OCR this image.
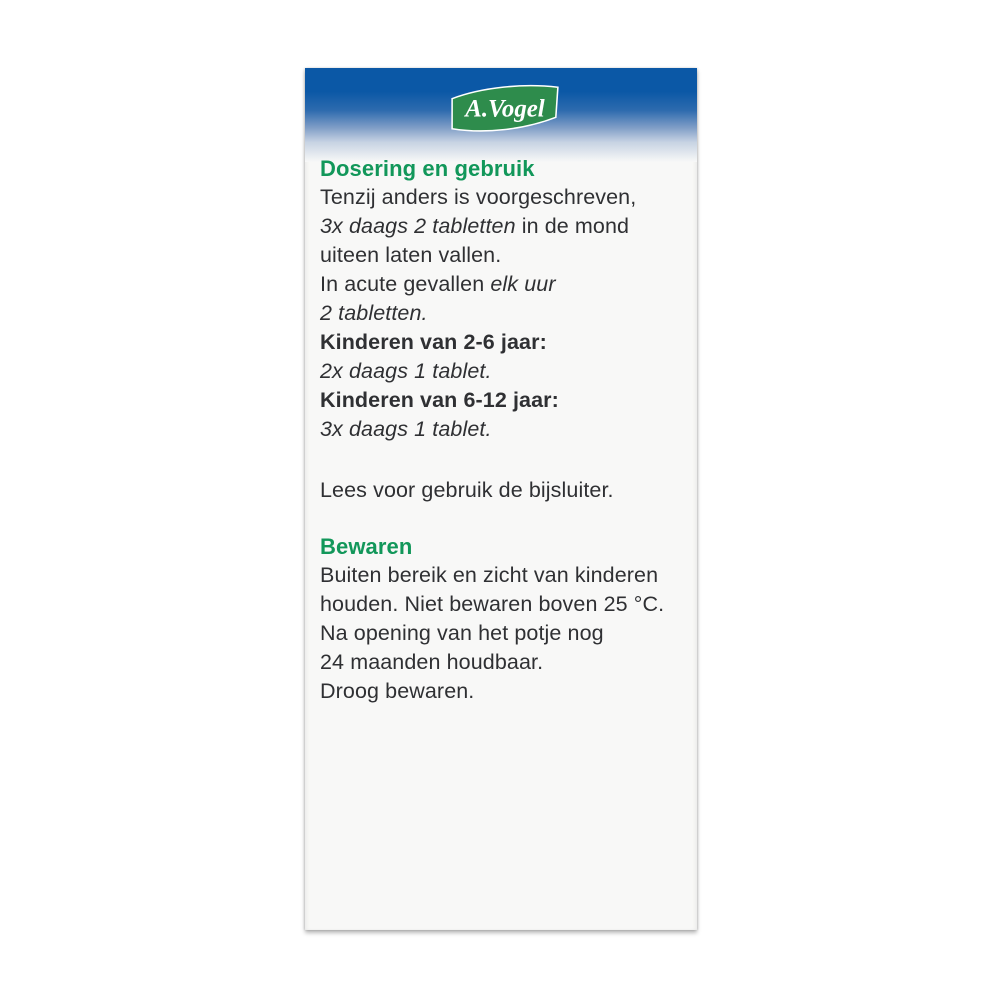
A.Vogel
Dosering en gebruik
Tenzij anders is voorgeschreven,
3x daags 2 tabletten in de mond
uiteen laten vallen.
In acute gevallen elk uur
2 tabletten.
Kinderen van 2-6 jaar:
2x daags 1 tablet.
Kinderen van 6-12 jaar:
3x daags 1 tablet.
Lees voor gebruik de bijsluiter.
Bewaren
Buiten bereik en zicht van kinderen
houden. Niet bewaren boven 25 °C.
Na opening van het potje nog
24 maanden houdbaar.
Droog bewaren.
